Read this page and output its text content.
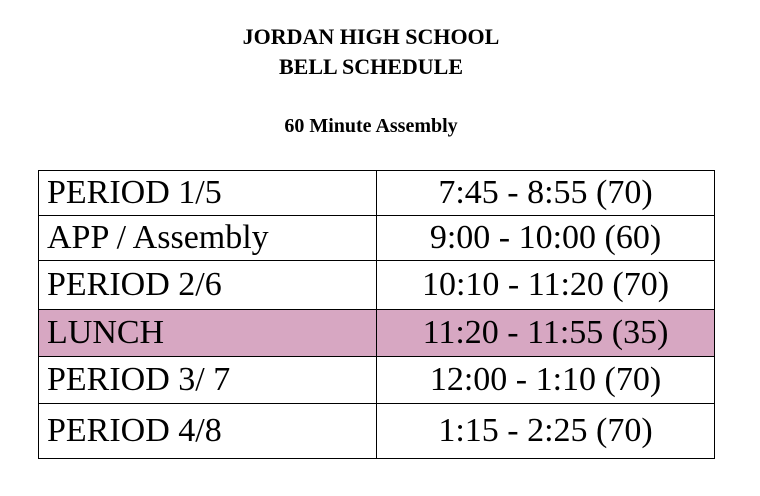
JORDAN HIGH SCHOOL
BELL SCHEDULE
60 Minute Assembly
PERIOD 1/5	7:45 - 8:55 (70)
APP / Assembly	9:00 - 10:00 (60)
PERIOD 2/6	10:10 - 11:20 (70)
LUNCH	11:20 - 11:55 (35)
PERIOD 3/ 7	12:00 - 1:10 (70)
PERIOD 4/8	1:15 - 2:25 (70)
